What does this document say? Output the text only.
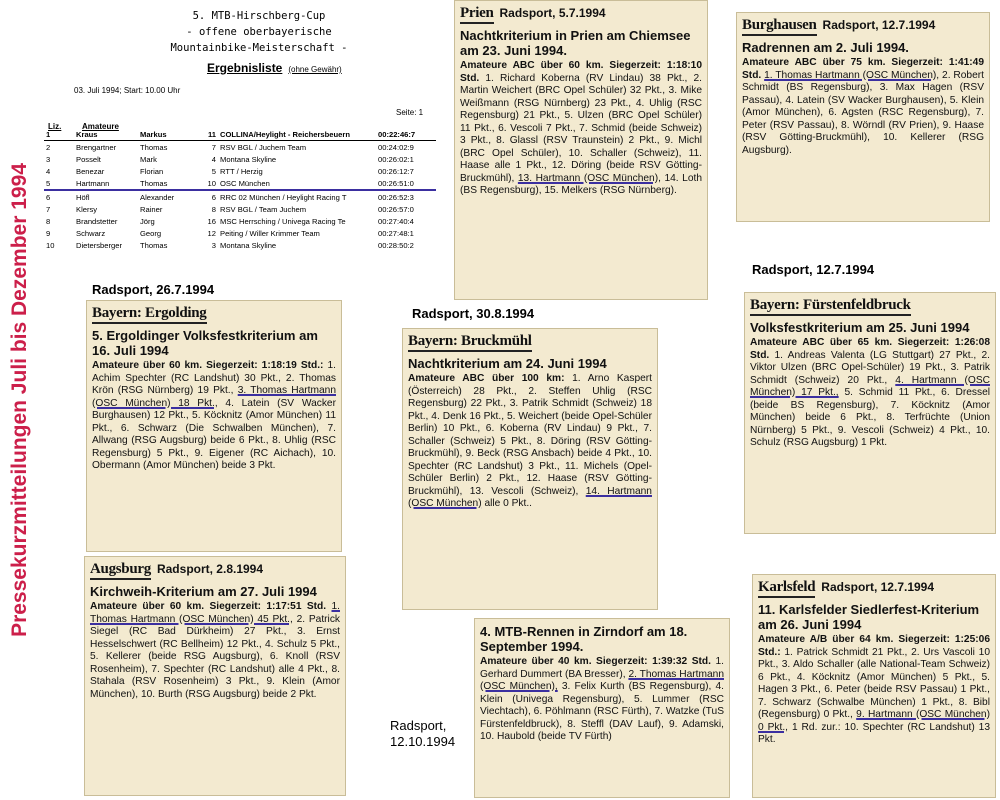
Pressekurzmitteilungen Juli bis Dezember 1994
5. MTB-Hirschberg-Cup
- offene oberbayerische
Mountainbike-Meisterschaft -
Ergebnisliste (ohne Gewähr)
03. Juli 1994; Start: 10.00 Uhr
Seite: 1
Liz.	Amateure
1	Kraus	Markus	11	COLLINA/Heylight - Reichersbeuern	00:22:46:7
2	Brengartner	Thomas	7	RSV BGL / Juchem Team	00:24:02:9
3	Posselt	Mark	4	Montana Skyline	00:26:02:1
4	Benezar	Florian	5	RTT / Herzig	00:26:12:7
5	Hartmann	Thomas	10	OSC München	00:26:51:0
6	Höfl	Alexander	6	RRC 02 München / Heylight Racing T	00:26:52:3
7	Klersy	Rainer	8	RSV BGL / Team Juchem	00:26:57:0
8	Brandstetter	Jörg	16	MSC Herrsching / Univega Racing Te	00:27:40:4
9	Schwarz	Georg	12	Peiting / Willer Krimmer Team	00:27:48:1
10	Dietersberger	Thomas	3	Montana Skyline	00:28:50:2
Prien Radsport, 5.7.1994
Nachtkriterium in Prien am Chiemsee am 23. Juni 1994.
Amateure ABC über 60 km. Siegerzeit: 1:18:10 Std. 1. Richard Koberna (RV Lindau) 38 Pkt., 2. Martin Weichert (BRC Opel Schüler) 32 Pkt., 3. Mike Weißmann (RSG Nürnberg) 23 Pkt., 4. Uhlig (RSC Regensburg) 21 Pkt., 5. Ulzen (BRC Opel Schüler) 11 Pkt., 6. Vescoli 7 Pkt., 7. Schmid (beide Schweiz) 3 Pkt., 8. Glassl (RSV Traunstein) 2 Pkt., 9. Michl (BRC Opel Schüler), 10. Schaller (Schweiz), 11. Haase alle 1 Pkt., 12. Döring (beide RSV Götting-Bruckmühl), 13. Hartmann (OSC München), 14. Loth (BS Regensburg), 15. Melkers (RSG Nürnberg).
Burghausen Radsport, 12.7.1994
Radrennen am 2. Juli 1994.
Amateure ABC über 75 km. Siegerzeit: 1:41:49 Std. 1. Thomas Hartmann (OSC München), 2. Robert Schmidt (BS Regensburg), 3. Max Hagen (RSV Passau), 4. Latein (SV Wacker Burghausen), 5. Klein (Amor München), 6. Agsten (RSC Regensburg), 7. Peter (RSV Passau), 8. Wörndl (RV Prien), 9. Haase (RSV Götting-Bruckmühl), 10. Kellerer (RSG Augsburg).
Radsport, 26.7.1994
Bayern: Ergolding
5. Ergoldinger Volksfestkriterium am 16. Juli 1994
Amateure über 60 km. Siegerzeit: 1:18:19 Std.: 1. Achim Spechter (RC Landshut) 30 Pkt., 2. Thomas Krön (RSG Nürnberg) 19 Pkt., 3. Thomas Hartmann (OSC München) 18 Pkt., 4. Latein (SV Wacker Burghausen) 12 Pkt., 5. Köcknitz (Amor München) 11 Pkt., 6. Schwarz (Die Schwalben München), 7. Allwang (RSG Augsburg) beide 6 Pkt., 8. Uhlig (RSC Regensburg) 5 Pkt., 9. Eigener (RC Aichach), 10. Obermann (Amor München) beide 3 Pkt.
Radsport, 30.8.1994
Bayern: Bruckmühl
Nachtkriterium am 24. Juni 1994
Amateure ABC über 100 km: 1. Arno Kaspert (Österreich) 28 Pkt., 2. Steffen Uhlig (RSC Regensburg) 22 Pkt., 3. Patrik Schmidt (Schweiz) 18 Pkt., 4. Denk 16 Pkt., 5. Weichert (beide Opel-Schüler Berlin) 10 Pkt., 6. Koberna (RV Lindau) 9 Pkt., 7. Schaller (Schweiz) 5 Pkt., 8. Döring (RSV Götting-Bruckmühl), 9. Beck (RSG Ansbach) beide 4 Pkt., 10. Spechter (RC Landshut) 3 Pkt., 11. Michels (Opel-Schüler Berlin) 2 Pkt., 12. Haase (RSV Götting-Bruckmühl), 13. Vescoli (Schweiz), 14. Hartmann (OSC München) alle 0 Pkt..
Radsport, 12.7.1994
Bayern: Fürstenfeldbruck
Volksfestkriterium am 25. Juni 1994
Amateure ABC über 65 km. Siegerzeit: 1:26:08 Std. 1. Andreas Valenta (LG Stuttgart) 27 Pkt., 2. Viktor Ulzen (BRC Opel-Schüler) 19 Pkt., 3. Patrik Schmidt (Schweiz) 20 Pkt., 4. Hartmann (OSC München) 17 Pkt., 5. Schmid 11 Pkt., 6. Dressel (beide BS Regensburg), 7. Köcknitz (Amor München) beide 6 Pkt., 8. Terfrüchte (Union Nürnberg) 5 Pkt., 9. Vescoli (Schweiz) 4 Pkt., 10. Schulz (RSG Augsburg) 1 Pkt.
Augsburg Radsport, 2.8.1994
Kirchweih-Kriterium am 27. Juli 1994
Amateure über 60 km. Siegerzeit: 1:17:51 Std. 1. Thomas Hartmann (OSC München) 45 Pkt., 2. Patrick Siegel (RC Bad Dürkheim) 27 Pkt., 3. Ernst Hesselschwert (RC Bellheim) 12 Pkt., 4. Schulz 5 Pkt., 5. Kellerer (beide RSG Augsburg), 6. Knoll (RSV Rosenheim), 7. Spechter (RC Landshut) alle 4 Pkt., 8. Stahala (RSV Rosenheim) 3 Pkt., 9. Klein (Amor München), 10. Burth (RSG Augsburg) beide 2 Pkt.
Radsport,
12.10.1994
4. MTB-Rennen in Zirndorf am 18. September 1994.
Amateure über 40 km. Siegerzeit: 1:39:32 Std. 1. Gerhard Dummert (BA Bresser), 2. Thomas Hartmann (OSC München), 3. Felix Kurth (BS Regensburg), 4. Klein (Univega Regensburg), 5. Lummer (RSC Viechtach), 6. Pöhlmann (RSC Fürth), 7. Watzke (TuS Fürstenfeldbruck), 8. Steffl (DAV Lauf), 9. Adamski, 10. Haubold (beide TV Fürth)
Karlsfeld Radsport, 12.7.1994
11. Karlsfelder Siedlerfest-Kriterium am 26. Juni 1994
Amateure A/B über 64 km. Siegerzeit: 1:25:06 Std.: 1. Patrick Schmidt 21 Pkt., 2. Urs Vascoli 10 Pkt., 3. Aldo Schaller (alle National-Team Schweiz) 6 Pkt., 4. Köcknitz (Amor München) 5 Pkt., 5. Hagen 3 Pkt., 6. Peter (beide RSV Passau) 1 Pkt., 7. Schwarz (Schwalbe München) 1 Pkt., 8. Bibl (Regensburg) 0 Pkt., 9. Hartmann (OSC München) 0 Pkt., 1 Rd. zur.: 10. Spechter (RC Landshut) 13 Pkt.
